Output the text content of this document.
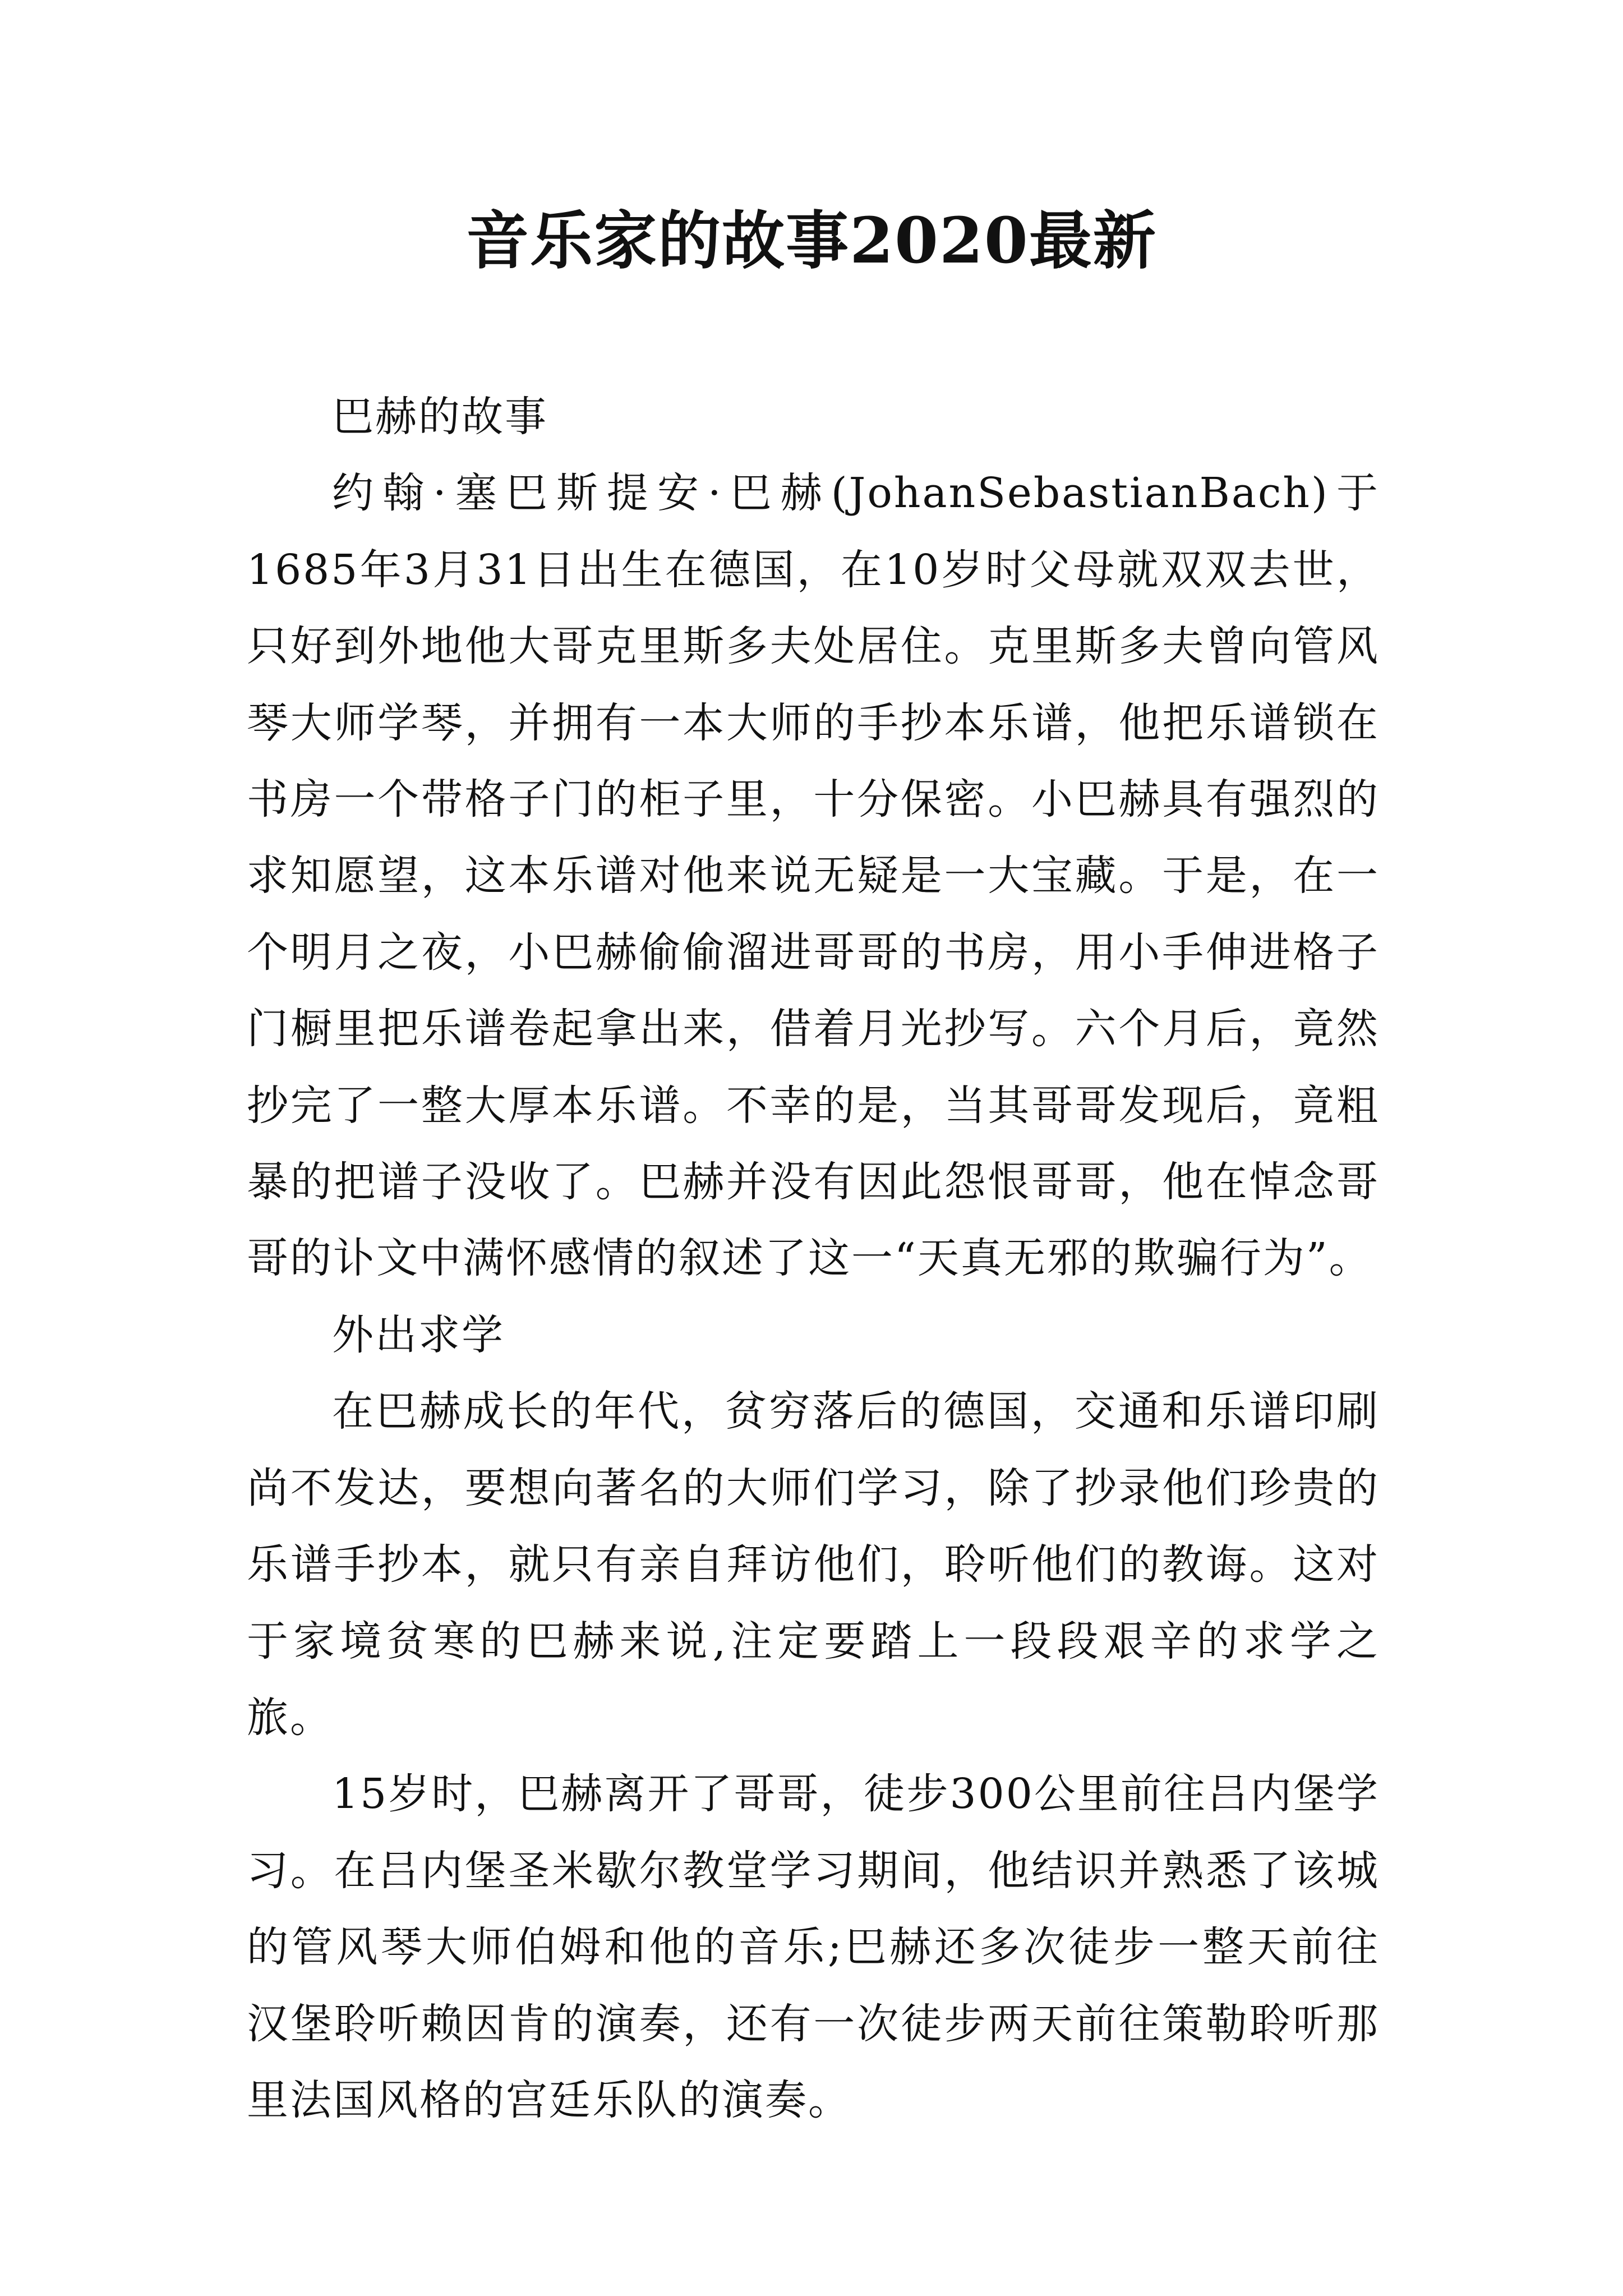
音乐家的故事2020最新

巴赫的故事

约翰·塞巴斯提安·巴赫(JohanSebastianBach)于1685年3月31日出生在德国，在10岁时父母就双双去世，只好到外地他大哥克里斯多夫处居住。克里斯多夫曾向管风琴大师学琴，并拥有一本大师的手抄本乐谱，他把乐谱锁在书房一个带格子门的柜子里，十分保密。小巴赫具有强烈的求知愿望，这本乐谱对他来说无疑是一大宝藏。于是，在一个明月之夜，小巴赫偷偷溜进哥哥的书房，用小手伸进格子门橱里把乐谱卷起拿出来，借着月光抄写。六个月后，竟然抄完了一整大厚本乐谱。不幸的是，当其哥哥发现后，竟粗暴的把谱子没收了。巴赫并没有因此怨恨哥哥，他在悼念哥哥的讣文中满怀感情的叙述了这一“天真无邪的欺骗行为”。

外出求学

在巴赫成长的年代，贫穷落后的德国，交通和乐谱印刷尚不发达，要想向著名的大师们学习，除了抄录他们珍贵的乐谱手抄本，就只有亲自拜访他们，聆听他们的教诲。这对于家境贫寒的巴赫来说,注定要踏上一段段艰辛的求学之旅。

15岁时，巴赫离开了哥哥，徒步300公里前往吕内堡学习。在吕内堡圣米歇尔教堂学习期间，他结识并熟悉了该城的管风琴大师伯姆和他的音乐;巴赫还多次徒步一整天前往汉堡聆听赖因肯的演奏，还有一次徒步两天前往策勒聆听那里法国风格的宫廷乐队的演奏。
